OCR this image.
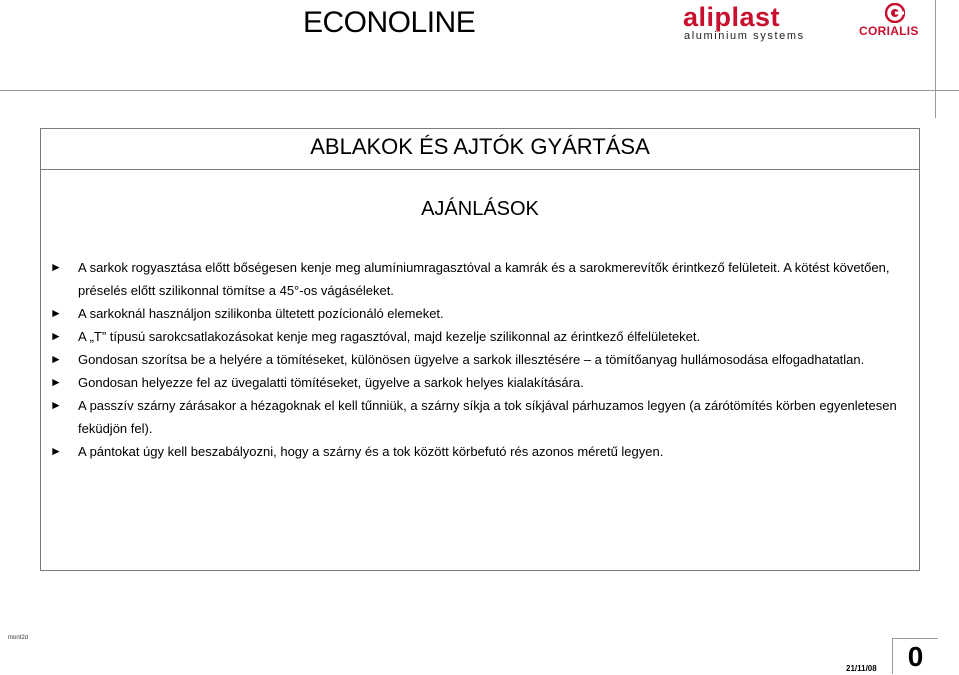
ECONOLINE	aliplast
aluminium systems	CORIALIS
ABLAKOK ÉS AJTÓK GYÁRTÁSA
AJÁNLÁSOK
► A sarkok rogyasztása előtt bőségesen kenje meg alumíniumragasztóval a kamrák és a sarokmerevítők érintkező felületeit. A kötést követően, préselés előtt szilikonnal tömítse a 45°-os vágáséleket.
► A sarkoknál használjon szilikonba ültetett pozícionáló elemeket.
► A „T” típusú sarokcsatlakozásokat kenje meg ragasztóval, majd kezelje szilikonnal az érintkező élfelületeket.
► Gondosan szorítsa be a helyére a tömítéseket, különösen ügyelve a sarkok illesztésére – a tömítőanyag hullámosodása elfogadhatatlan.
► Gondosan helyezze fel az üvegalatti tömítéseket, ügyelve a sarkok helyes kialakítására.
► A passzív szárny zárásakor a hézagoknak el kell tűnniük, a szárny síkja a tok síkjával párhuzamos legyen (a zárótömítés körben egyenletesen feküdjön fel).
► A pántokat úgy kell beszabályozni, hogy a szárny és a tok között körbefutó rés azonos méretű legyen.
mont2d
21/11/08	0
